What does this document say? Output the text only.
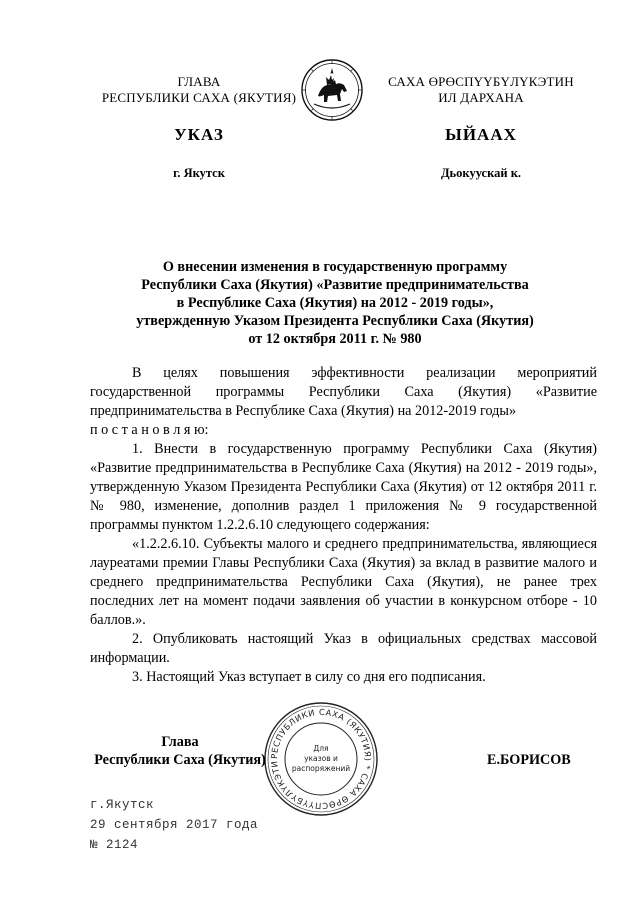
ГЛАВА
РЕСПУБЛИКИ САХА (ЯКУТИЯ)
САХА ӨРӨСПҮҮБҮЛҮКЭТИН
ИЛ ДАРХАНА
УКАЗ	ЫЙААХ
г. Якутск	Дьокуускай к.
О внесении изменения в государственную программу
Республики Саха (Якутия) «Развитие предпринимательства
в Республике Саха (Якутия) на 2012 - 2019 годы»,
утвержденную Указом Президента Республики Саха (Якутия)
от 12 октября 2011 г. № 980

В целях повышения эффективности реализации мероприятий государственной программы Республики Саха (Якутия) «Развитие предпринимательства в Республике Саха (Якутия) на 2012-2019 годы»

п о с т а н о в л я ю:

1. Внести в государственную программу Республики Саха (Якутия) «Развитие предпринимательства в Республике Саха (Якутия) на 2012 - 2019 годы», утвержденную Указом Президента Республики Саха (Якутия) от 12 октября 2011 г. № 980, изменение, дополнив раздел 1 приложения № 9 государственной программы пунктом 1.2.2.6.10 следующего содержания:

«1.2.2.6.10. Субъекты малого и среднего предпринимательства, являющиеся лауреатами премии Главы Республики Саха (Якутия) за вклад в развитие малого и среднего предпринимательства Республики Саха (Якутия), не ранее трех последних лет на момент подачи заявления об участии в конкурсном отборе - 10 баллов.».

2. Опубликовать настоящий Указ в официальных средствах массовой информации.

3. Настоящий Указ вступает в силу со дня его подписания.

РЕСПУБЛИКИ САХА (ЯКУТИЯ) * САХА ӨРӨСПҮҮБҮЛҮКЭТИ
Для
указов и
распоряжений
Глава
Республики Саха (Якутия)	Е.БОРИСОВ
г.Якутск
29 сентября 2017 года
№ 2124
